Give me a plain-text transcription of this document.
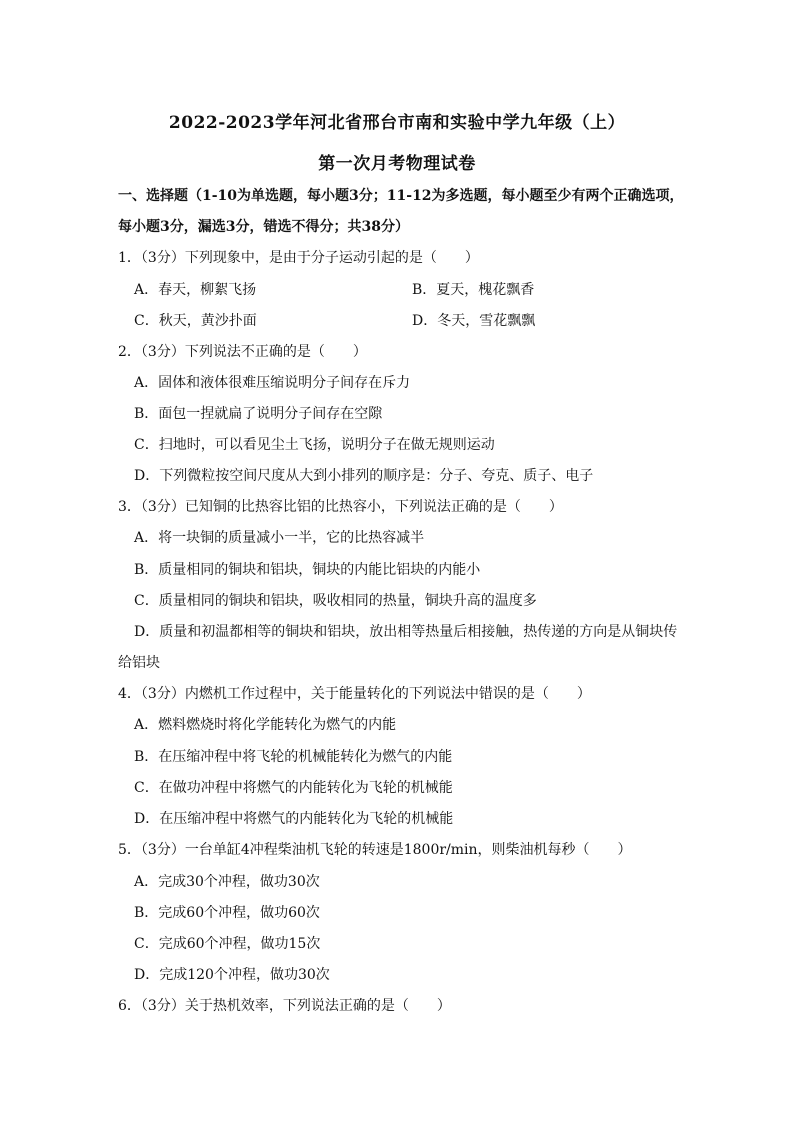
2022-2023学年河北省邢台市南和实验中学九年级（上）
第一次月考物理试卷
一、选择题（1-10为单选题，每小题3分；11-12为多选题，每小题至少有两个正确选项，
每小题3分，漏选3分，错选不得分；共38分）
1．（3分）下列现象中，是由于分子运动引起的是（　　）
A．春天，柳絮飞扬	B．夏天，槐花飘香
C．秋天，黄沙扑面	D．冬天，雪花飘飘
2．（3分）下列说法不正确的是（　　）
A．固体和液体很难压缩说明分子间存在斥力
B．面包一捏就扁了说明分子间存在空隙
C．扫地时，可以看见尘土飞扬，说明分子在做无规则运动
D．下列微粒按空间尺度从大到小排列的顺序是：分子、夸克、质子、电子
3．（3分）已知铜的比热容比铝的比热容小，下列说法正确的是（　　）
A．将一块铜的质量减小一半，它的比热容减半
B．质量相同的铜块和铝块，铜块的内能比铝块的内能小
C．质量相同的铜块和铝块，吸收相同的热量，铜块升高的温度多
D．质量和初温都相等的铜块和铝块，放出相等热量后相接触，热传递的方向是从铜块传
给铝块
4．（3分）内燃机工作过程中，关于能量转化的下列说法中错误的是（　　）
A．燃料燃烧时将化学能转化为燃气的内能
B．在压缩冲程中将飞轮的机械能转化为燃气的内能
C．在做功冲程中将燃气的内能转化为飞轮的机械能
D．在压缩冲程中将燃气的内能转化为飞轮的机械能
5．（3分）一台单缸4冲程柴油机飞轮的转速是1800r/min，则柴油机每秒（　　）
A．完成30个冲程，做功30次
B．完成60个冲程，做功60次
C．完成60个冲程，做功15次
D．完成120个冲程，做功30次
6．（3分）关于热机效率，下列说法正确的是（　　）
